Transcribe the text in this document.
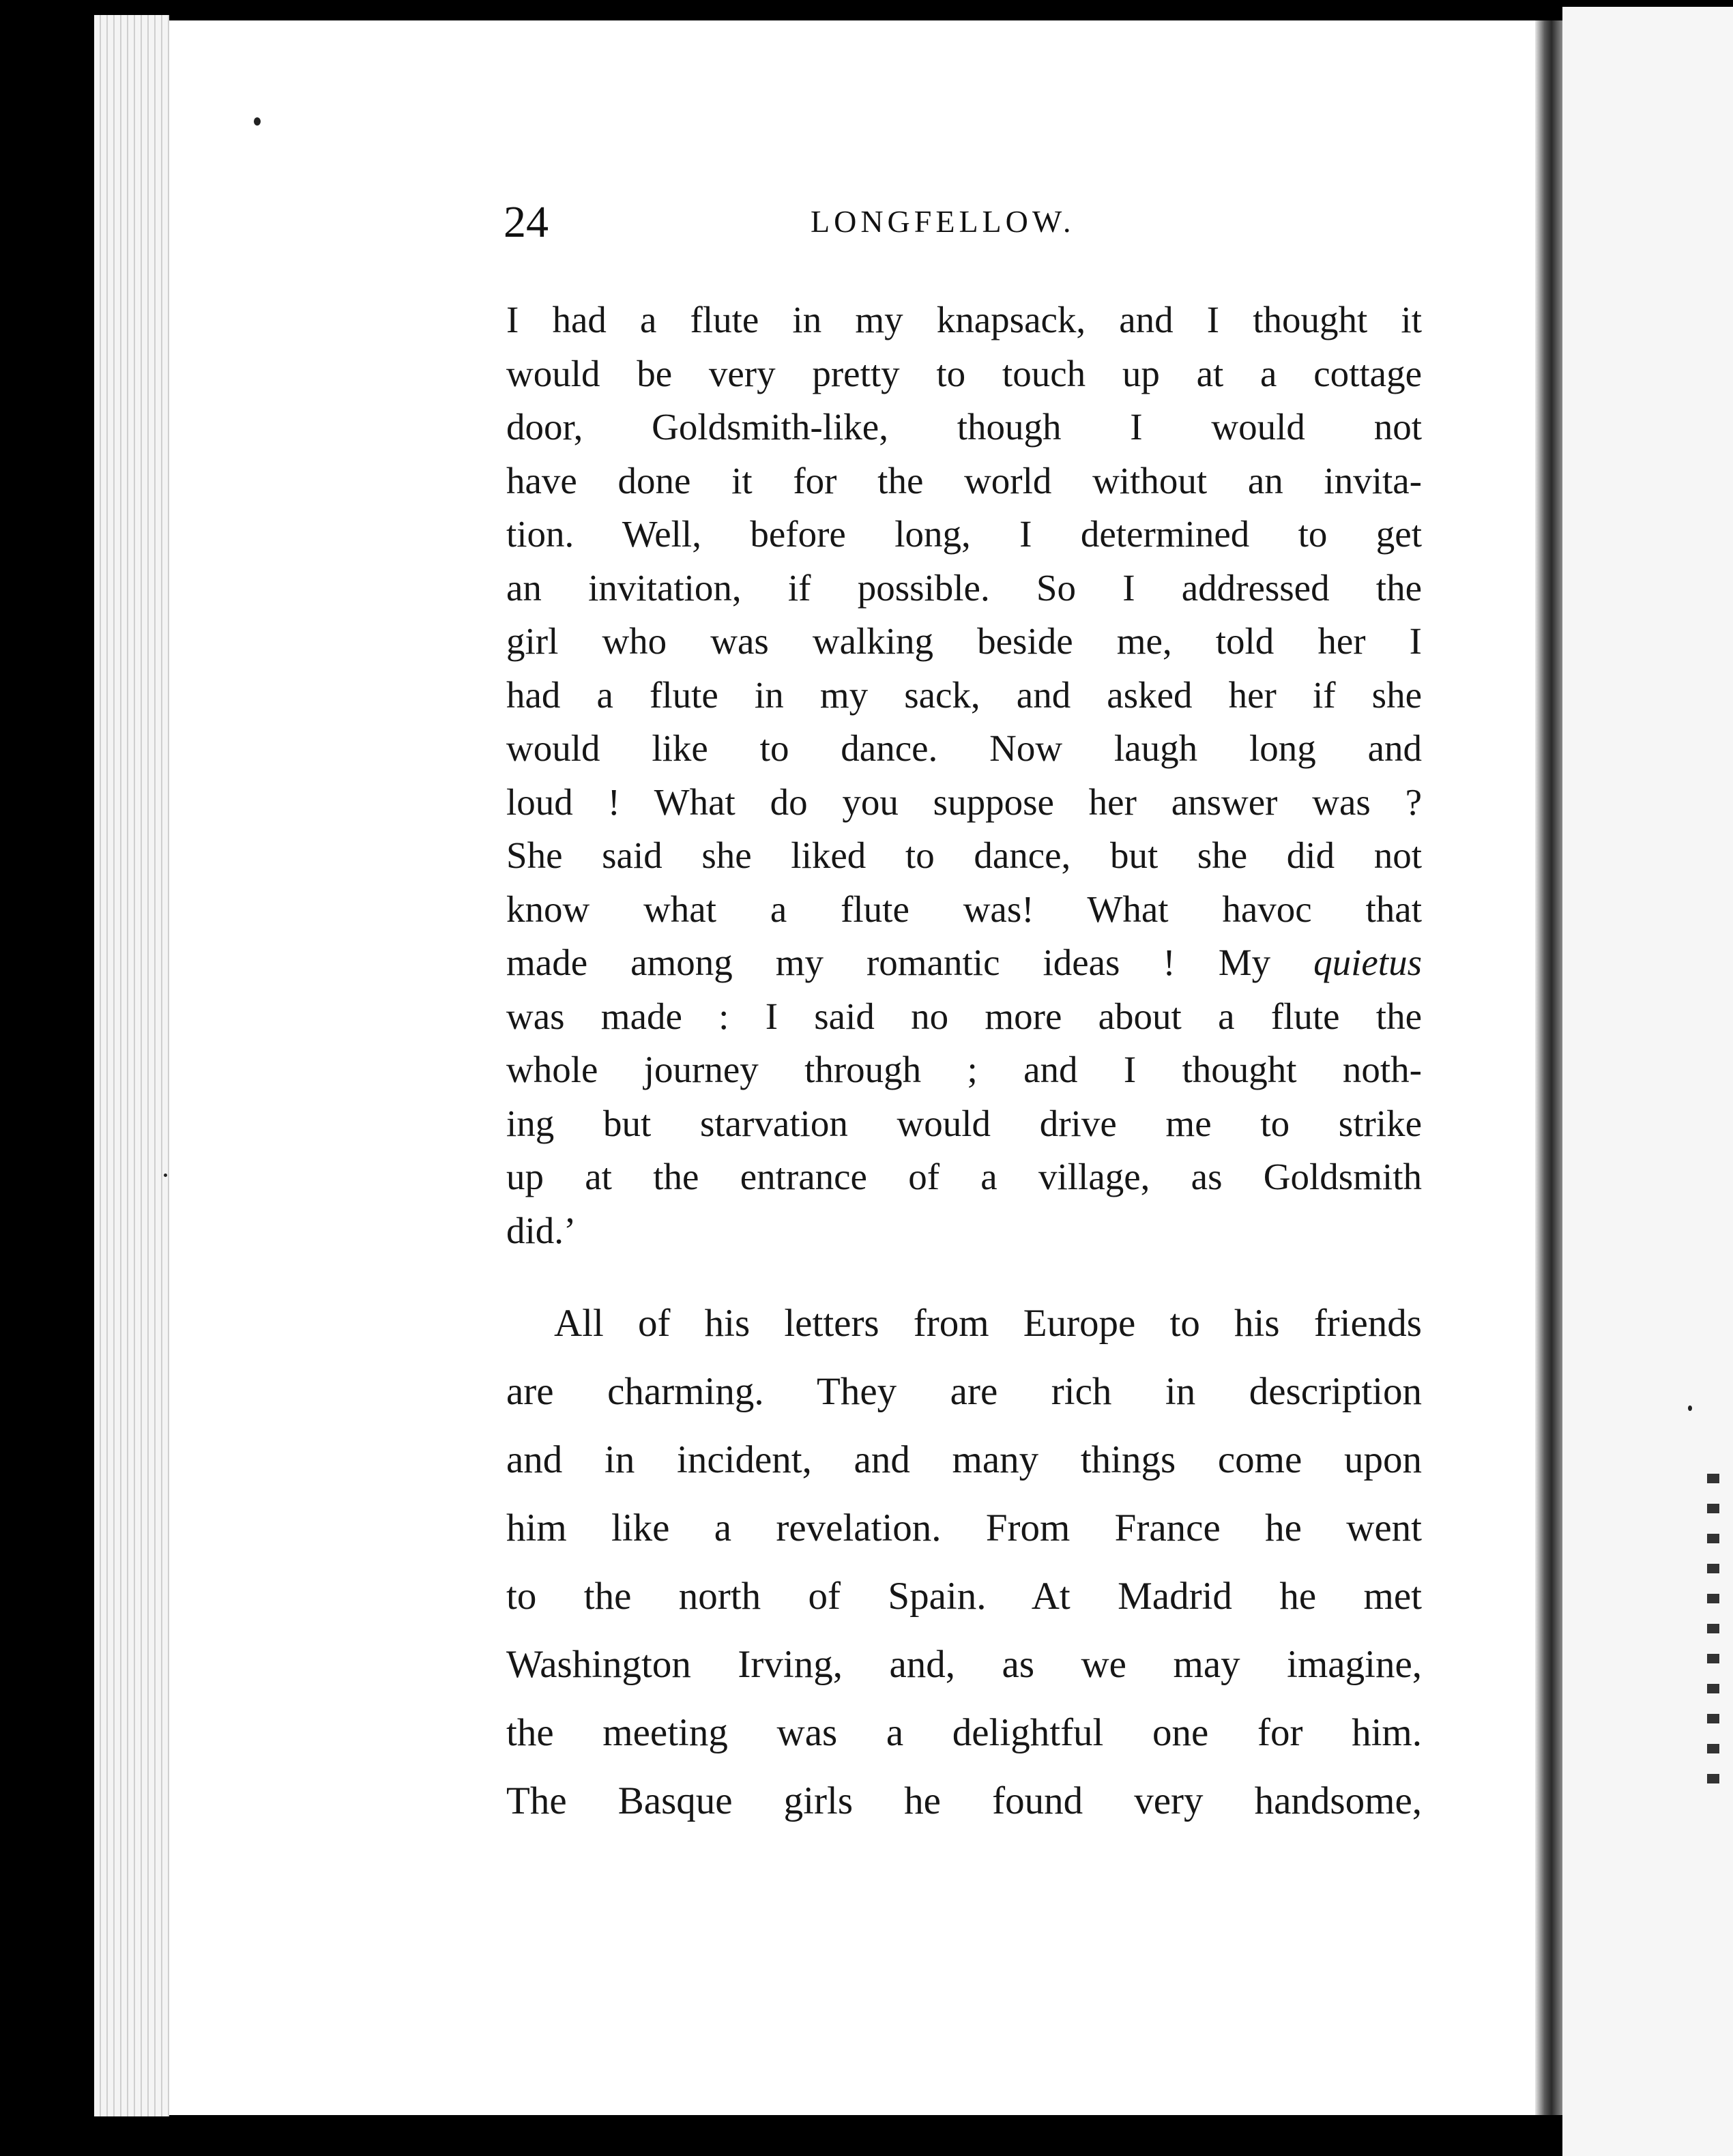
24	LONGFELLOW.
I had a flute in my knapsack, and I thought it
would be very pretty to touch up at a cottage
door, Goldsmith-like, though I would not
have done it for the world without an invita-
tion. Well, before long, I determined to get
an invitation, if possible. So I addressed the
girl who was walking beside me, told her I
had a flute in my sack, and asked her if she
would like to dance. Now laugh long and
loud ! What do you suppose her answer was ?
She said she liked to dance, but she did not
know what a flute was! What havoc that
made among my romantic ideas ! My quietus
was made : I said no more about a flute the
whole journey through ; and I thought noth-
ing but starvation would drive me to strike
up at the entrance of a village, as Goldsmith
did.’
All of his letters from Europe to his friends
are charming. They are rich in description
and in incident, and many things come upon
him like a revelation. From France he went
to the north of Spain. At Madrid he met
Washington Irving, and, as we may imagine,
the meeting was a delightful one for him.
The Basque girls he found very handsome,
